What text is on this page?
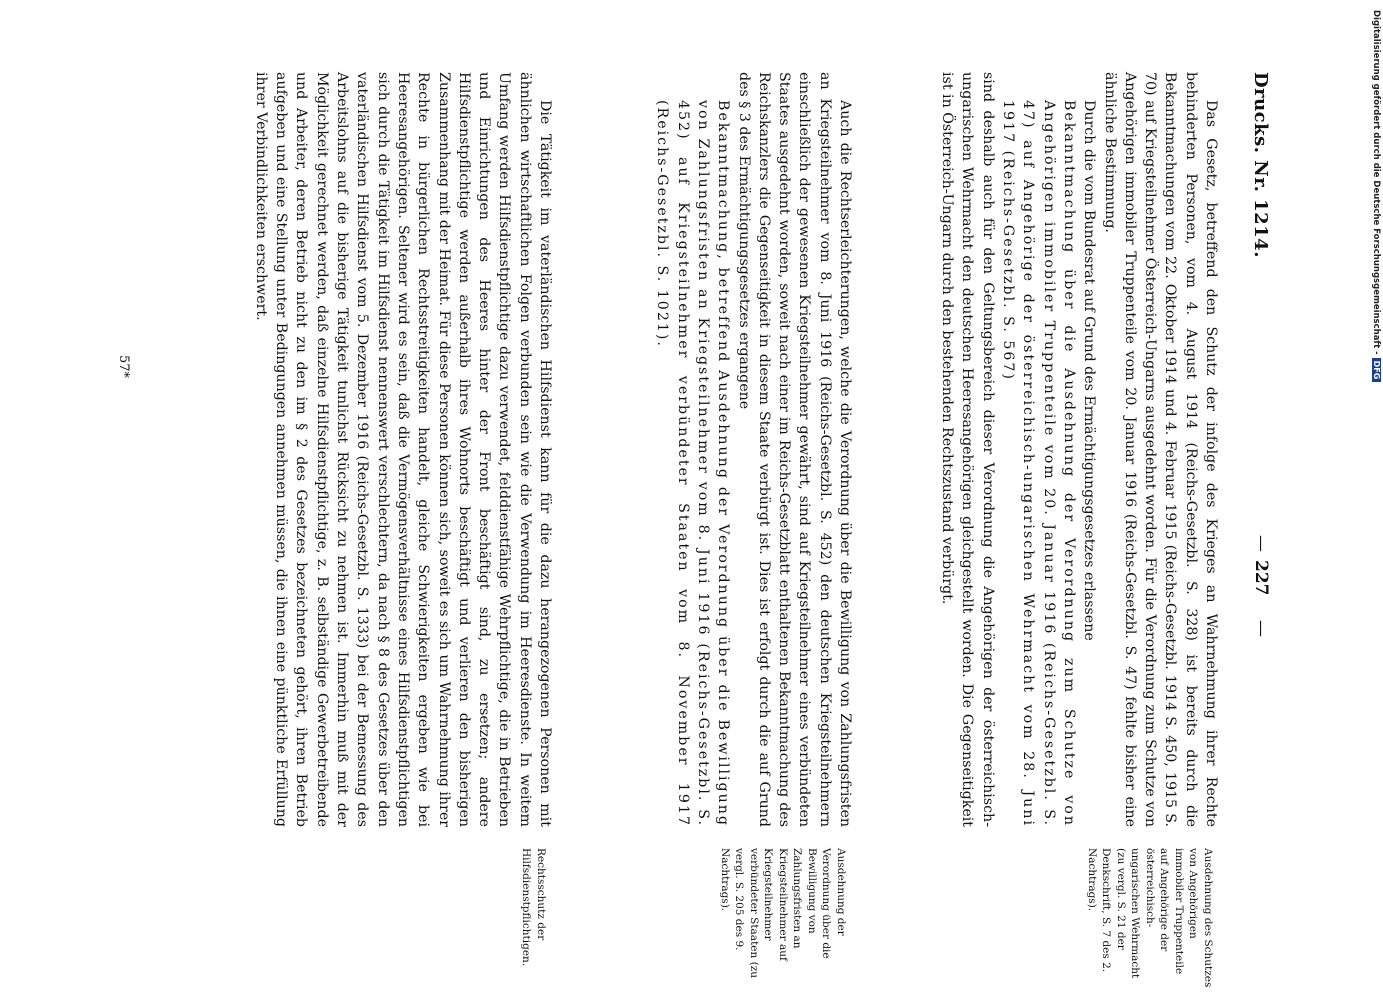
—
227
—
Drucks. Nr. 1214.
Ausdehnung des Schutzes von Angehörigen immobiler Truppenteile auf Angehörige der österreichisch-ungarischen Wehrmacht (zu vergl. S. 21 der Denkschrift, S. 7 des 2. Nachtrags).

Das Gesetz, betreffend den Schutz der infolge des Krieges an Wahrnehmung ihrer Rechte behinderten Personen, vom 4. August 1914 (Reichs-Gesetzbl. S. 328) ist bereits durch die Bekanntmachungen vom 22. Oktober 1914 und 4. Februar 1915 (Reichs-Gesetzbl. 1914 S. 450, 1915 S. 70) auf Kriegsteilnehmer Österreich-Ungarns ausgedehnt worden. Für die Verordnung zum Schutze von Angehörigen immobiler Truppenteile vom 20. Januar 1916 (Reichs-Gesetzbl. S. 47) fehlte bisher eine ähnliche Bestimmung.

Durch die vom Bundesrat auf Grund des Ermächtigungsgesetzes erlassene

Bekanntmachung über die Ausdehnung der Verordnung zum Schutze von Angehörigen immobiler Truppenteile vom 20. Januar 1916 (Reichs-Gesetzbl. S. 47) auf Angehörige der österreichisch-ungarischen Wehrmacht vom 28. Juni 1917 (Reichs-Gesetzbl. S. 567)

sind deshalb auch für den Geltungsbereich dieser Verordnung die Angehörigen der österreichisch-ungarischen Wehrmacht den deutschen Heeresangehörigen gleichgestellt worden. Die Gegenseitigkeit ist in Österreich-Ungarn durch den bestehenden Rechtszustand verbürgt.

Ausdehnung der Verordnung über die Bewilligung von Zahlungsfristen an Kriegsteilnehmer auf Kriegsteilnehmer verbündeter Staaten (zu vergl. S. 205 des 9. Nachtrags).

Auch die Rechtserleichterungen, welche die Verordnung über die Bewilligung von Zahlungsfristen an Kriegsteilnehmer vom 8. Juni 1916 (Reichs-Gesetzbl. S. 452) den deutschen Kriegsteilnehmern einschließlich der gewesenen Kriegsteilnehmer gewährt, sind auf Kriegsteilnehmer eines verbündeten Staates ausgedehnt worden, soweit nach einer im Reichs-Gesetzblatt enthaltenen Bekanntmachung des Reichskanzlers die Gegenseitigkeit in diesem Staate verbürgt ist. Dies ist erfolgt durch die auf Grund des § 3 des Ermächtigungsgesetzes ergangene

Bekanntmachung, betreffend Ausdehnung der Verordnung über die Bewilligung von Zahlungsfristen an Kriegsteilnehmer vom 8. Juni 1916 (Reichs-Gesetzbl. S. 452) auf Kriegsteilnehmer verbündeter Staaten vom 8. November 1917 (Reichs-Gesetzbl. S. 1021).

Rechtsschutz der Hilfsdienstpflichtigen.

Die Tätigkeit im vaterländischen Hilfsdienst kann für die dazu herangezogenen Personen mit ähnlichen wirtschaftlichen Folgen verbunden sein wie die Verwendung im Heeresdienste. In weitem Umfang werden Hilfsdienstpflichtige dazu verwendet, felddienstfähige Wehrpflichtige, die in Betrieben und Einrichtungen des Heeres hinter der Front beschäftigt sind, zu ersetzen; andere Hilfsdienstpflichtige werden außerhalb ihres Wohnorts beschäftigt und verlieren den bisherigen Zusammenhang mit der Heimat. Für diese Personen können sich, soweit es sich um Wahrnehmung ihrer Rechte in bürgerlichen Rechtsstreitigkeiten handelt, gleiche Schwierigkeiten ergeben wie bei Heeresangehörigen. Seltener wird es sein, daß die Vermögensverhältnisse eines Hilfsdienstpflichtigen sich durch die Tätigkeit im Hilfsdienst nennenswert verschlechtern, da nach § 8 des Gesetzes über den vaterländischen Hilfsdienst vom 5. Dezember 1916 (Reichs-Gesetzbl. S. 1333) bei der Bemessung des Arbeitslohns auf die bisherige Tätigkeit tunlichst Rücksicht zu nehmen ist. Immerhin muß mit der Möglichkeit gerechnet werden, daß einzelne Hilfsdienstpflichtige, z. B. selbständige Gewerbetreibende und Arbeiter, deren Betrieb nicht zu den im § 2 des Gesetzes bezeichneten gehört, ihren Betrieb aufgeben und eine Stellung unter Bedingungen annehmen müssen, die ihnen eine pünktliche Erfüllung ihrer Verbindlichkeiten erschwert.

57*
Digitalisierung gefördert durch die Deutsche Forschungsgemeinschaft - DFG
